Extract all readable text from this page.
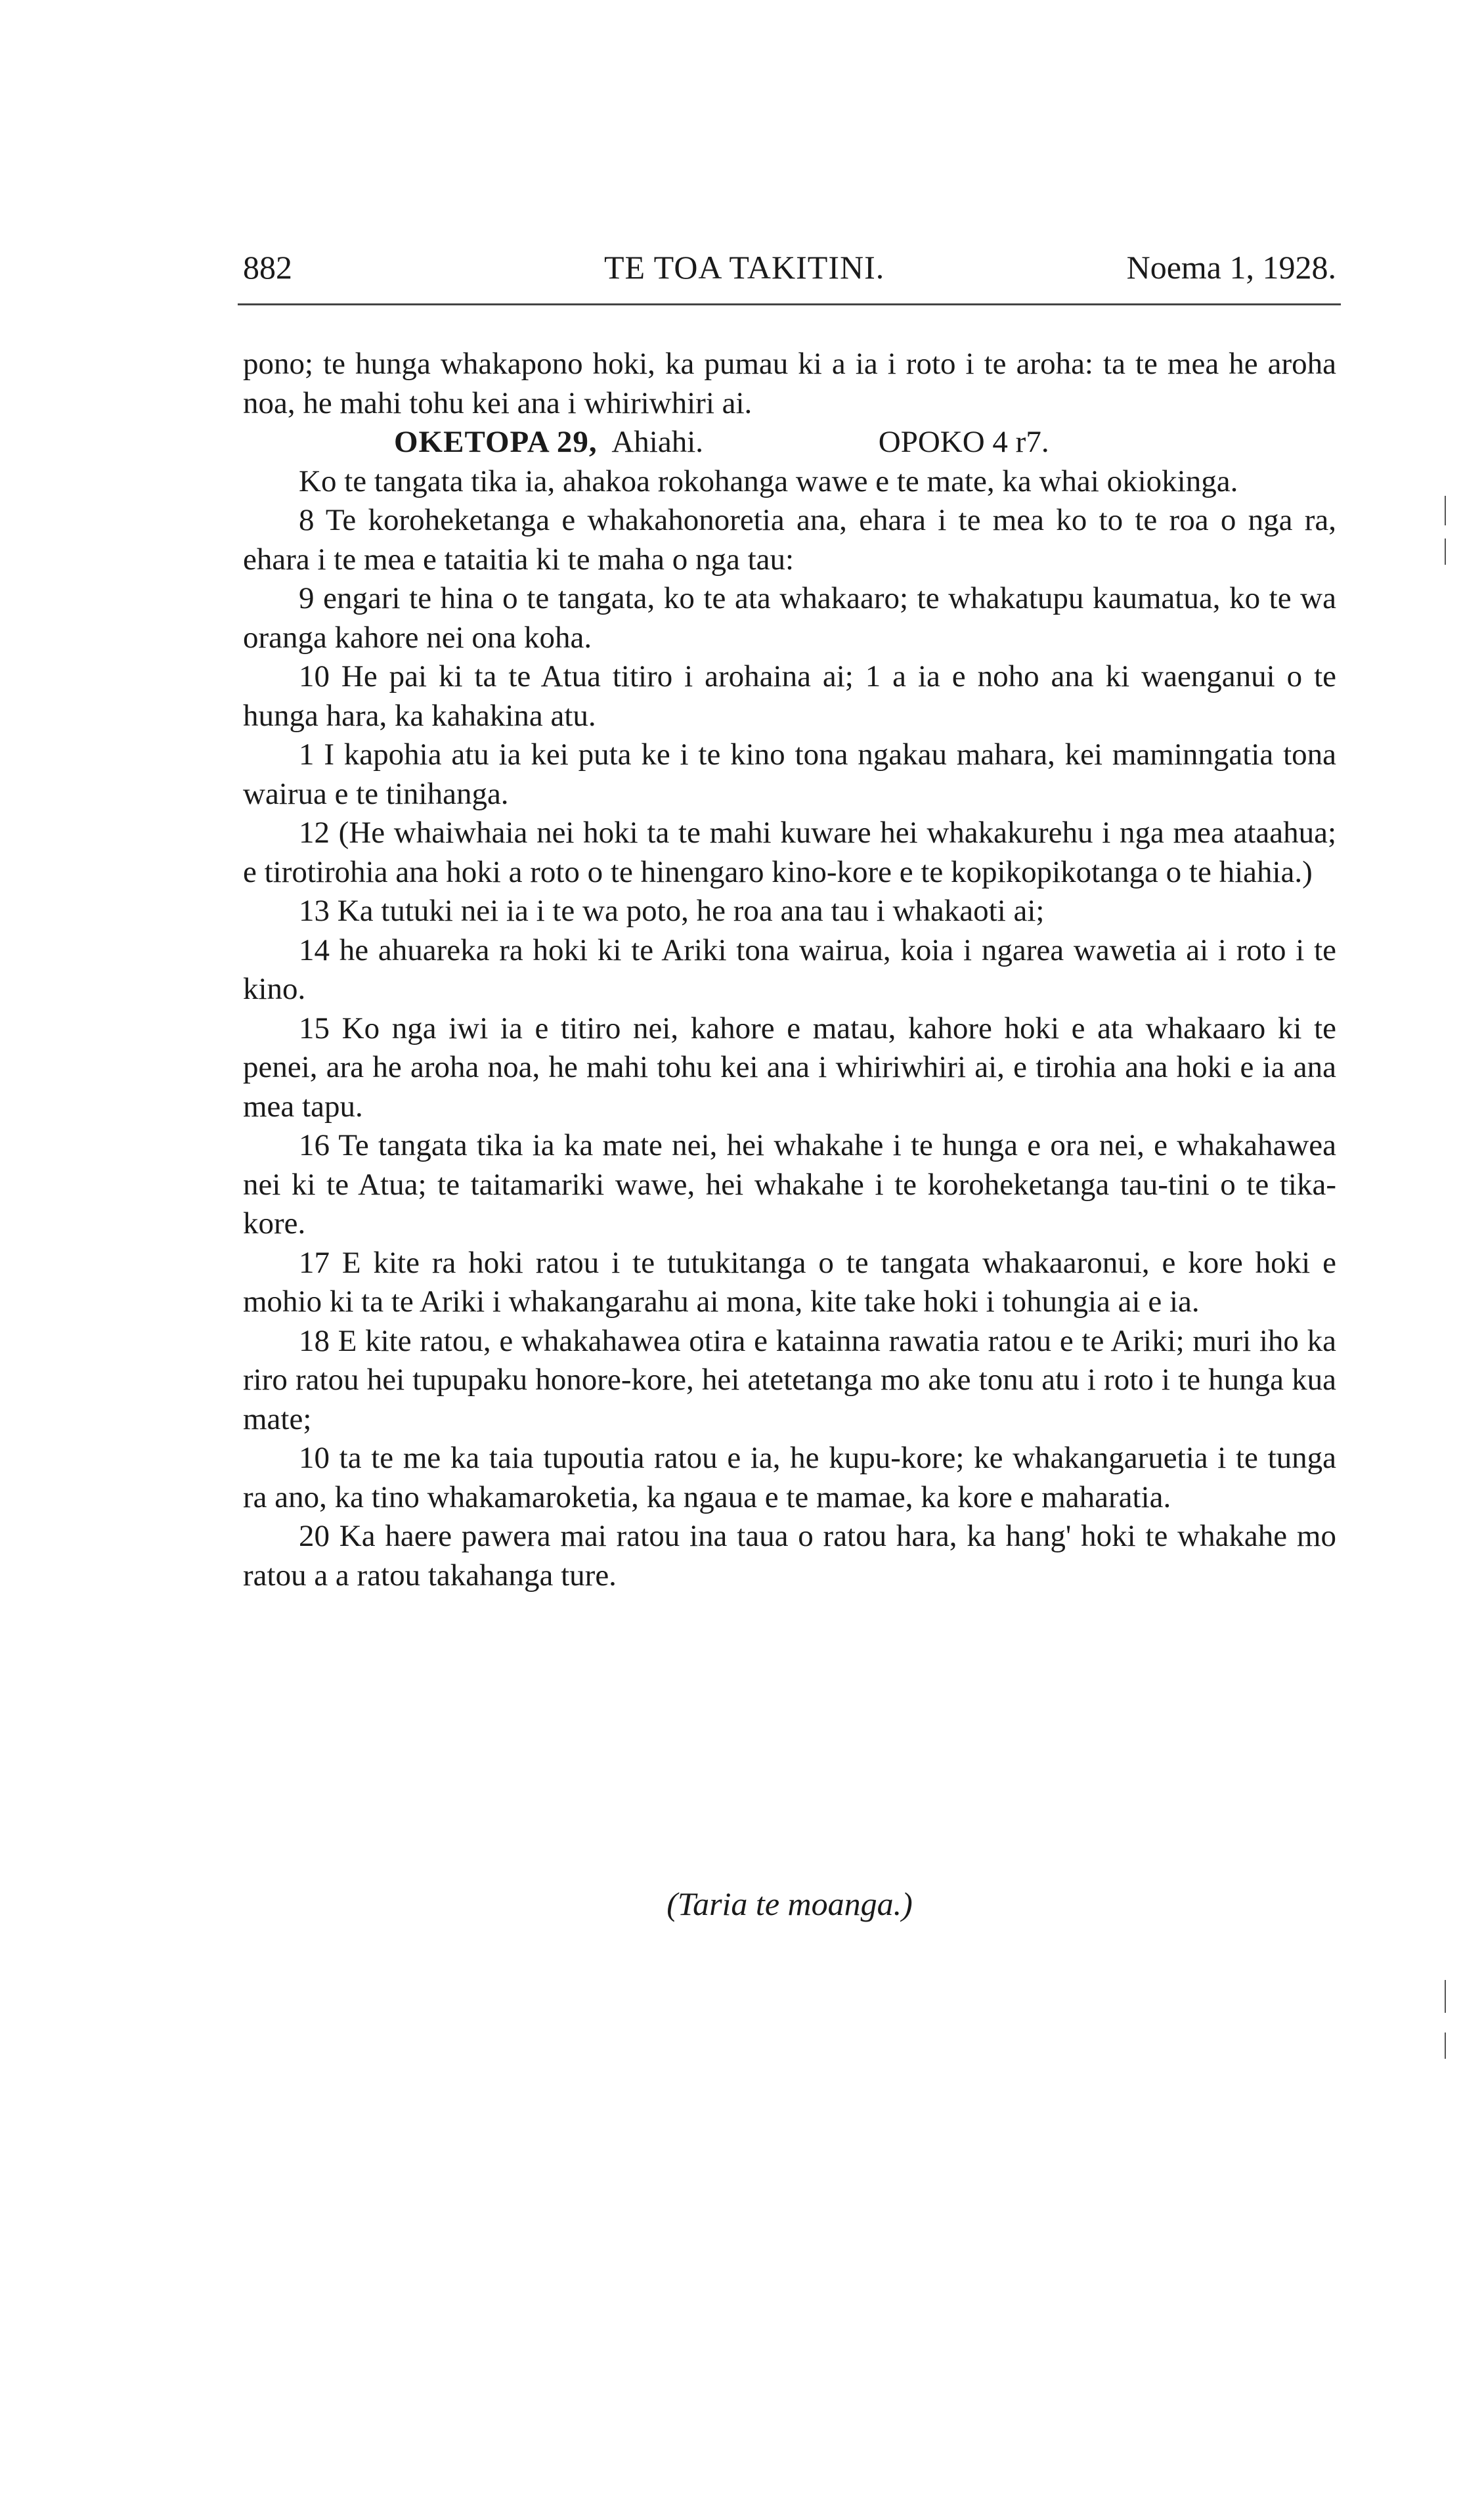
882	TE TOA TAKITINI.	Noema 1, 1928.

pono; te hunga whakapono hoki, ka pumau ki a ia i roto i te aroha: ta te mea he aroha noa, he mahi tohu kei ana i whiriwhiri ai.

OKETOPA 29, Ahiahi.	OPOKO 4 r7.

Ko te tangata tika ia, ahakoa rokohanga wawe e te mate, ka whai okiokinga.

8 Te koroheketanga e whakahonoretia ana, ehara i te mea ko to te roa o nga ra, ehara i te mea e tataitia ki te maha o nga tau:

9 engari te hina o te tangata, ko te ata whakaaro; te whakatupu kaumatua, ko te wa oranga kahore nei ona koha.

10 He pai ki ta te Atua titiro i arohaina ai; 1 a ia e noho ana ki waenganui o te hunga hara, ka kahakina atu.

1 I kapohia atu ia kei puta ke i te kino tona ngakau mahara, kei maminngatia tona wairua e te tinihanga.

12 (He whaiwhaia nei hoki ta te mahi kuware hei whakakurehu i nga mea ataahua; e tirotirohia ana hoki a roto o te hinengaro kino-kore e te kopikopikotanga o te hiahia.)

13 Ka tutuki nei ia i te wa poto, he roa ana tau i whakaoti ai;

14 he ahuareka ra hoki ki te Ariki tona wairua, koia i ngarea wawetia ai i roto i te kino.

15 Ko nga iwi ia e titiro nei, kahore e matau, kahore hoki e ata whakaaro ki te penei, ara he aroha noa, he mahi tohu kei ana i whiriwhiri ai, e tirohia ana hoki e ia ana mea tapu.

16 Te tangata tika ia ka mate nei, hei whakahe i te hunga e ora nei, e whakahawea nei ki te Atua; te taitamariki wawe, hei whakahe i te koroheketanga tau-tini o te tika-kore.

17 E kite ra hoki ratou i te tutukitanga o te tangata whakaaronui, e kore hoki e mohio ki ta te Ariki i whakangarahu ai mona, kite take hoki i tohungia ai e ia.

18 E kite ratou, e whakahawea otira e katainna rawatia ratou e te Ariki; muri iho ka riro ratou hei tupupaku honore-kore, hei atetetanga mo ake tonu atu i roto i te hunga kua mate;

10 ta te me ka taia tupoutia ratou e ia, he kupu-kore; ke whakangaruetia i te tunga ra ano, ka tino whakamaroketia, ka ngaua e te mamae, ka kore e maharatia.

20 Ka haere pawera mai ratou ina taua o ratou hara, ka hang' hoki te whakahe mo ratou a a ratou takahanga ture.

(Taria te moanga.)
